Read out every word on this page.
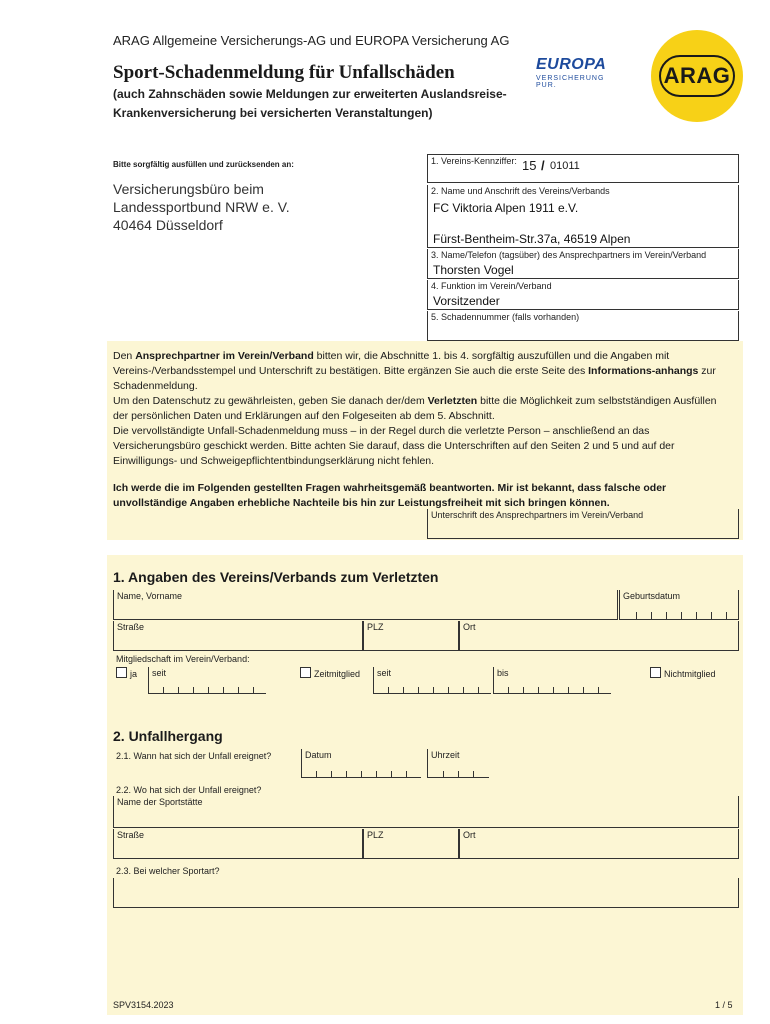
ARAG Allgemeine Versicherungs-AG und EUROPA Versicherung AG
Sport-Schadenmeldung für Unfallschäden
(auch Zahnschäden sowie Meldungen zur erweiterten Auslandsreise-
Krankenversicherung bei versicherten Veranstaltungen)
EUROPA
VERSICHERUNG PUR.	ARAG
Bitte sorgfältig ausfüllen und zurücksenden an:
Versicherungsbüro beim
Landessportbund NRW e. V.
40464 Düsseldorf
1. Vereins-Kennziffer: 15 / 01011
2. Name und Anschrift des Vereins/Verbands
FC Viktoria Alpen 1911 e.V.
Fürst-Bentheim-Str.37a, 46519 Alpen
3. Name/Telefon (tagsüber) des Ansprechpartners im Verein/Verband
Thorsten Vogel
4. Funktion im Verein/Verband
Vorsitzender
5. Schadennummer (falls vorhanden)

Den Ansprechpartner im Verein/Verband bitten wir, die Abschnitte 1. bis 4. sorgfältig auszufüllen und die Angaben mit Vereins-/Verbandsstempel und Unterschrift zu bestätigen. Bitte ergänzen Sie auch die erste Seite des Informations-anhangs zur Schadenmeldung.

Um den Datenschutz zu gewährleisten, geben Sie danach der/dem Verletzten bitte die Möglichkeit zum selbstständigen Ausfüllen der persönlichen Daten und Erklärungen auf den Folgeseiten ab dem 5. Abschnitt.

Die vervollständigte Unfall-Schadenmeldung muss – in der Regel durch die verletzte Person – anschließend an das Versicherungsbüro geschickt werden. Bitte achten Sie darauf, dass die Unterschriften auf den Seiten 2 und 5 und auf der Einwilligungs- und Schweigepflichtentbindungserklärung nicht fehlen.

Ich werde die im Folgenden gestellten Fragen wahrheitsgemäß beantworten. Mir ist bekannt, dass falsche oder unvollständige Angaben erhebliche Nachteile bis hin zur Leistungsfreiheit mit sich bringen können.

Unterschrift des Ansprechpartners im Verein/Verband
1. Angaben des Vereins/Verbands zum Verletzten
Name, Vorname	Geburtsdatum
Straße	PLZ	Ort
Mitgliedschaft im Verein/Verband:
ja seit	Zeitmitglied seit	bis	Nichtmitglied
2. Unfallhergang
2.1. Wann hat sich der Unfall ereignet?	Datum	Uhrzeit
2.2. Wo hat sich der Unfall ereignet?
Name der Sportstätte
Straße	PLZ	Ort
2.3. Bei welcher Sportart?
SPV3154.2023	1 / 5
